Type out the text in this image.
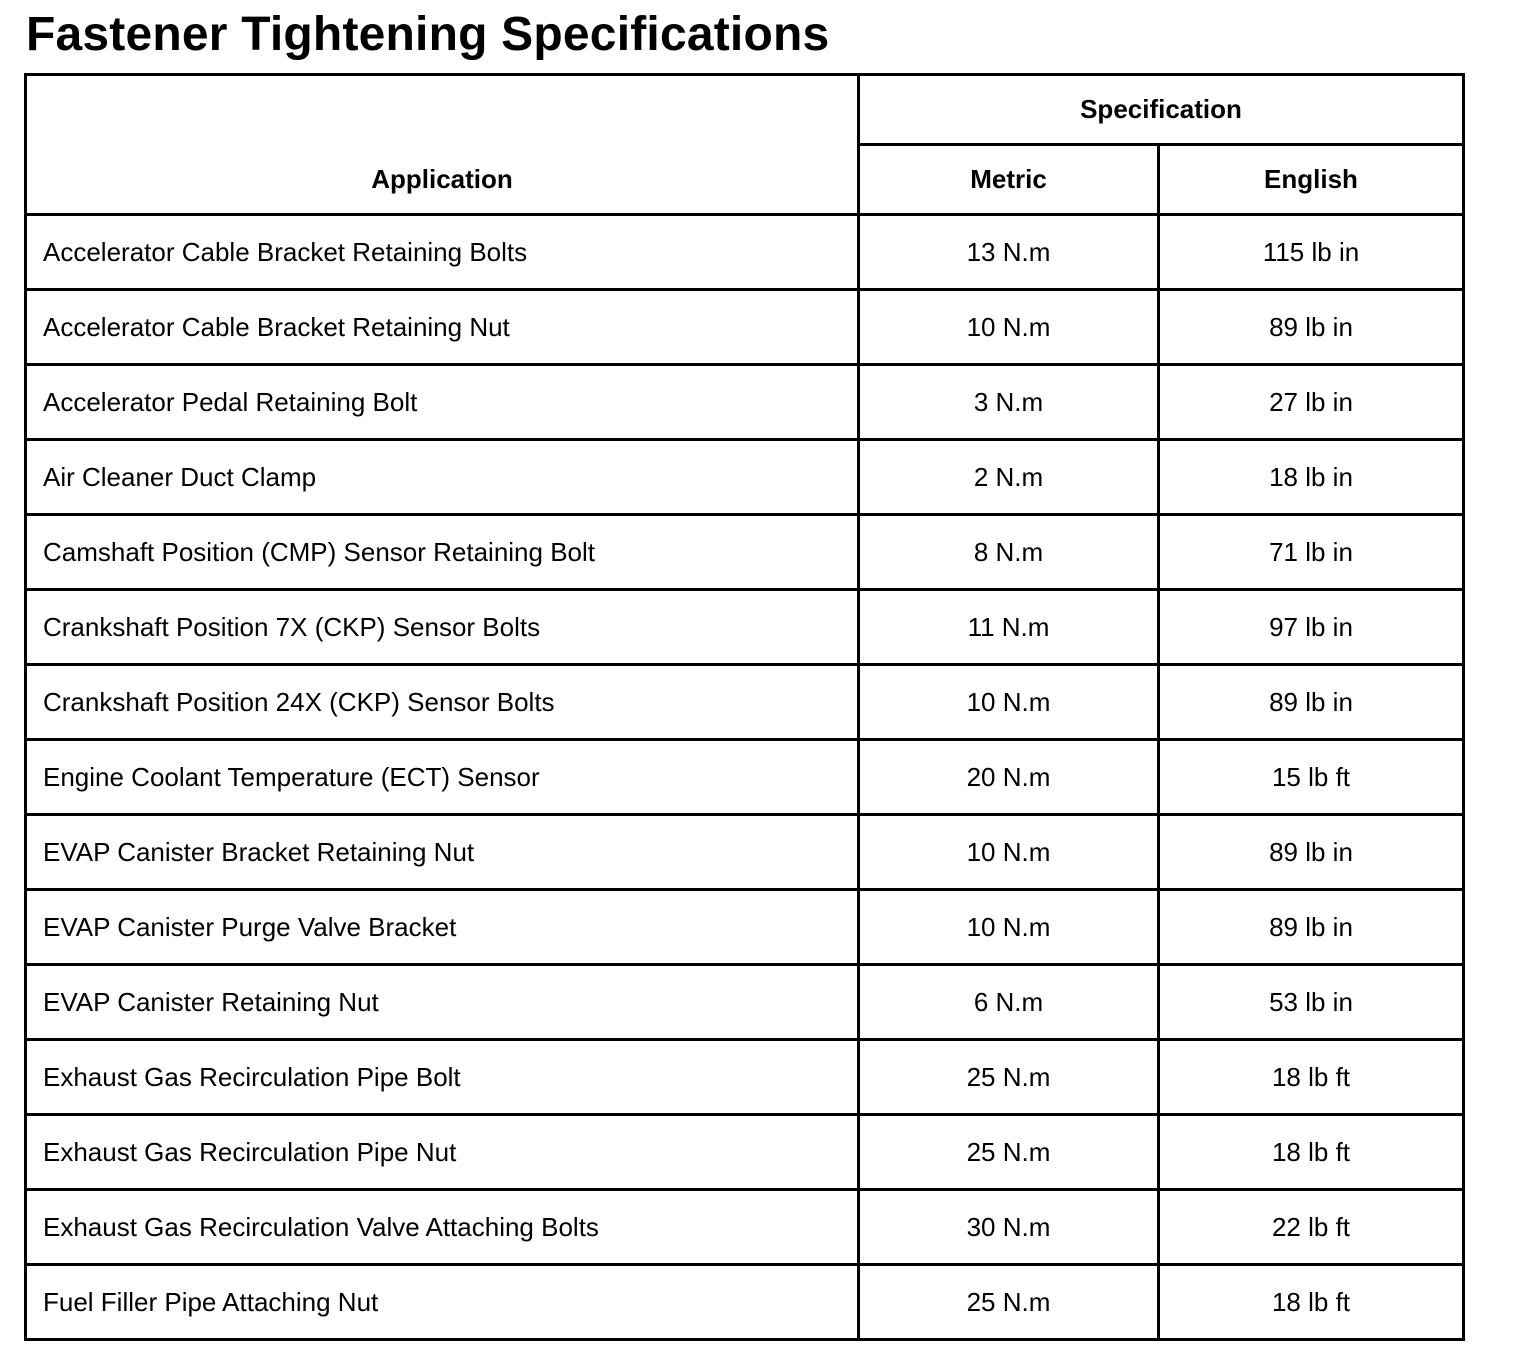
Fastener Tightening Specifications
Application	Specification	
	Metric	English
Accelerator Cable Bracket Retaining Bolts	13 N.m	115 lb in
Accelerator Cable Bracket Retaining Nut	10 N.m	89 lb in
Accelerator Pedal Retaining Bolt	3 N.m	27 lb in
Air Cleaner Duct Clamp	2 N.m	18 lb in
Camshaft Position (CMP) Sensor Retaining Bolt	8 N.m	71 lb in
Crankshaft Position 7X (CKP) Sensor Bolts	11 N.m	97 lb in
Crankshaft Position 24X (CKP) Sensor Bolts	10 N.m	89 lb in
Engine Coolant Temperature (ECT) Sensor	20 N.m	15 lb ft
EVAP Canister Bracket Retaining Nut	10 N.m	89 lb in
EVAP Canister Purge Valve Bracket	10 N.m	89 lb in
EVAP Canister Retaining Nut	6 N.m	53 lb in
Exhaust Gas Recirculation Pipe Bolt	25 N.m	18 lb ft
Exhaust Gas Recirculation Pipe Nut	25 N.m	18 lb ft
Exhaust Gas Recirculation Valve Attaching Bolts	30 N.m	22 lb ft
Fuel Filler Pipe Attaching Nut	25 N.m	18 lb ft
